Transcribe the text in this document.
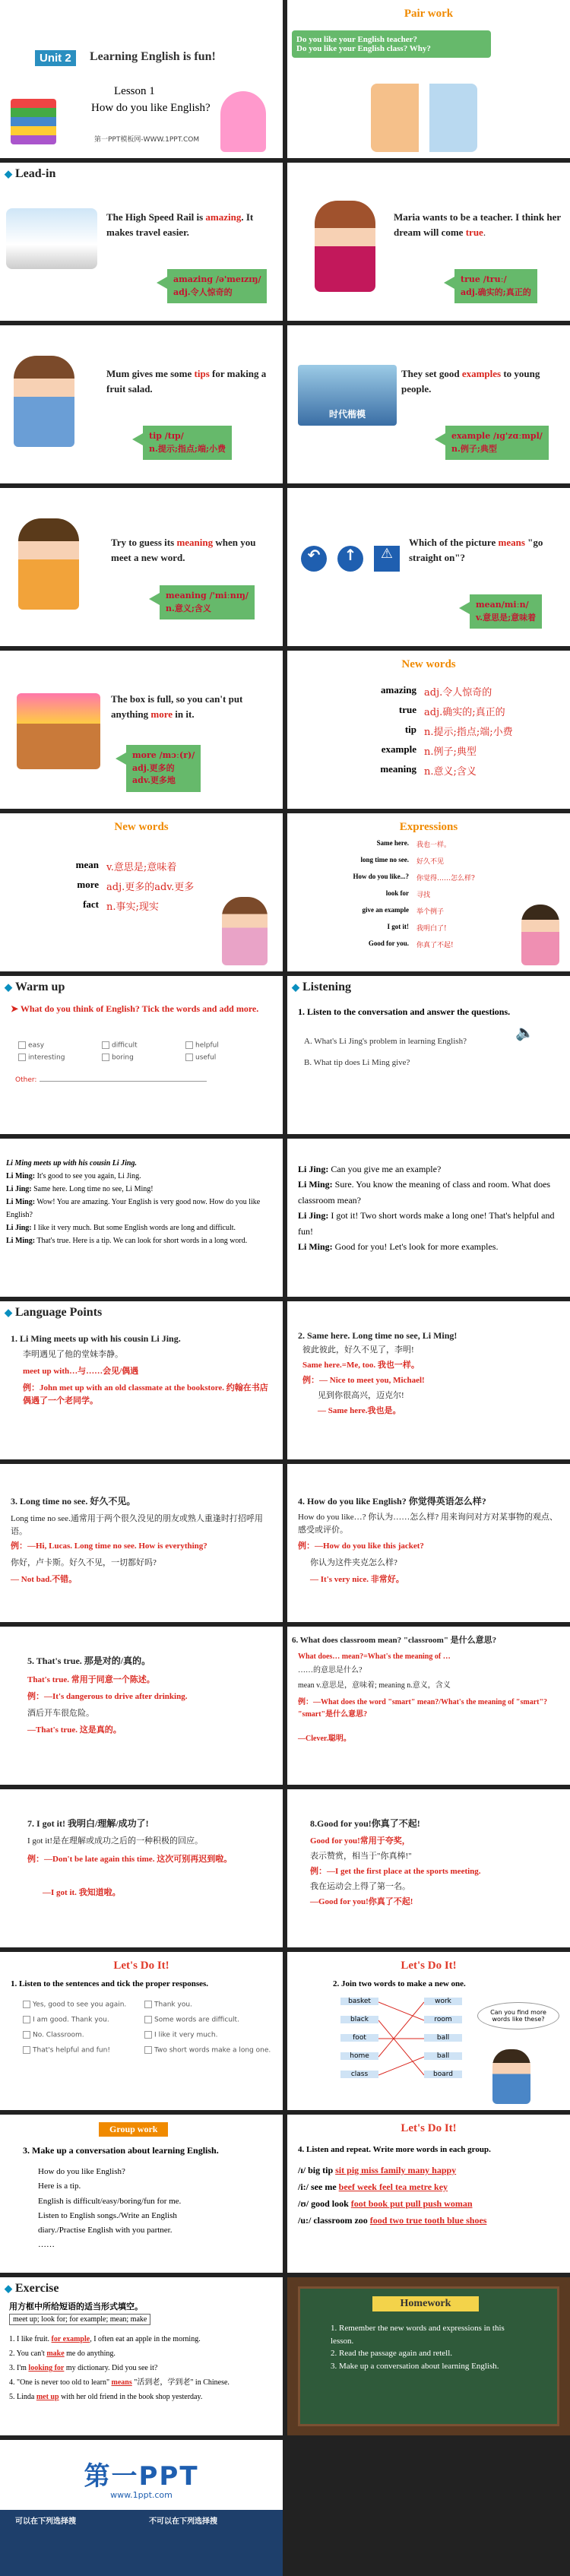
Unit 2	Learning English is fun!
Lesson 1
How do you like English?
第一PPT模板网-WWW.1PPT.COM
Pair work
Do you like your English teacher?
Do you like your English class? Why?
◆ Lead-in
The High Speed Rail is amazing. It makes travel easier.
amazing /ə'meɪzɪŋ/
adj.令人惊奇的
Maria wants to be a teacher. I think her dream will come true.
true /truː/
adj.确实的;真正的
Mum gives me some tips for making a fruit salad.
tip /tɪp/
n.提示;指点;端;小费
时代楷模
They set good examples to young people.
example /ɪɡ'zɑːmpl/
n.例子;典型
Try to guess its meaning when you meet a new word.
meaning /'miːnɪŋ/
n.意义;含义
↶	↑	⚠
Which of the picture means "go straight on"?
mean/miːn/
v.意思是;意味着
The box is full, so you can't put anything more in it.
more /mɔː(r)/
adj.更多的
adv.更多地
New words
amazing adj.令人惊奇的
true adj.确实的;真正的
tip n.提示;指点;端;小费
example n.例子;典型
meaning n.意义;含义
New words
mean v.意思是;意味着
more adj.更多的adv.更多
fact n.事实;现实
Expressions
Same here. 我也一样。
long time no see. 好久不见
How do you like...? 你觉得……怎么样?
look for 寻找
give an example 举个例子
I got it! 我明白了!
Good for you. 你真了不起!
◆ Warm up
➤ What do you think of English? Tick the words and add more.
easy	difficult	helpful
interesting	boring	useful
Other:
◆ Listening
1. Listen to the conversation and answer the questions.
A. What's Li Jing's problem in learning English?
B. What tip does Li Ming give?
🔈
Li Ming meets up with his cousin Li Jing.
Li Ming: It's good to see you again, Li Jing.
Li Jing: Same here. Long time no see, Li Ming!
Li Ming: Wow! You are amazing. Your English is very good now. How do you like English?
Li Jing: I like it very much. But some English words are long and difficult.
Li Ming: That's true. Here is a tip. We can look for short words in a long word.
Li Jing: Can you give me an example?
Li Ming: Sure. You know the meaning of class and room. What does classroom mean?
Li Jing: I got it! Two short words make a long one! That's helpful and fun!
Li Ming: Good for you! Let's look for more examples.
◆ Language Points
1. Li Ming meets up with his cousin Li Jing.
李明遇见了他的堂妹李静。
meet up with…与……会见/偶遇
例：John met up with an old classmate at the bookstore. 约翰在书店偶遇了一个老同学。
2. Same here. Long time no see, Li Ming!
彼此彼此，好久不见了，李明!
Same here.=Me, too. 我也一样。
例：— Nice to meet you, Michael!
见到你很高兴，迈克尔!
— Same here.我也是。
3. Long time no see. 好久不见。
Long time no see.通常用于两个很久没见的朋友或熟人重逢时打招呼用语。
例：—Hi, Lucas. Long time no see. How is everything?
你好，卢卡斯。好久不见，一切都好吗?
— Not bad.不错。
4. How do you like English? 你觉得英语怎么样?
How do you like…? 你认为……怎么样? 用来询问对方对某事物的观点、感受或评价。
例：—How do you like this jacket?
你认为这件夹克怎么样?
— It's very nice. 非常好。
5. That's true. 那是对的/真的。
That's true. 常用于同意一个陈述。
例：—It's dangerous to drive after drinking.
酒后开车很危险。
—That's true. 这是真的。
6. What does classroom mean? "classroom" 是什么意思?
What does… mean?=What's the meaning of …
……的意思是什么?
mean v.意思是，意味着; meaning n.意义，含义
例：—What does the word "smart" mean?/What's the meaning of "smart"? "smart"是什么意思?
—Clever.聪明。
7. I got it! 我明白/理解/成功了!
I got it!是在理解或成功之后的一种积极的回应。
例：—Don't be late again this time. 这次可别再迟到啦。
—I got it. 我知道啦。
8.Good for you!你真了不起!
Good for you!常用于夸奖，
表示赞赏，相当于"你真棒!"
例：—I get the first place at the sports meeting.
我在运动会上得了第一名。
—Good for you!你真了不起!
Let's Do It!
1. Listen to the sentences and tick the proper responses.
Yes, good to see you again.
I am good. Thank you.
No. Classroom.
That's helpful and fun!
Thank you.
Some words are difficult.
I like it very much.
Two short words make a long one.
Let's Do It!
2. Join two words to make a new one.
basket
black
foot
home
class
work
room
ball
ball
board
Can you find more words like these?
Group work
3. Make up a conversation about learning English.
How do you like English?
Here is a tip.
English is difficult/easy/boring/fun for me.
Listen to English songs./Write an English
diary./Practise English with you partner.
……
Let's Do It!
4. Listen and repeat. Write more words in each group.
/ɪ/ big tip sit pig miss family many happy
/i:/ see me beef week feel tea metre key
/ʊ/ good look foot book put pull push woman
/u:/ classroom zoo food two true tooth blue shoes
◆ Exercise
用方框中所给短语的适当形式填空。
meet up; look for; for example; mean; make
1. I like fruit. for example, I often eat an apple in the morning.
2. You can't make me do anything.
3. I'm looking for my dictionary. Did you see it?
4. "One is never too old to learn" means "活到老，学到老" in Chinese.
5. Linda met up with her old friend in the book shop yesterday.
Homework
1. Remember the new words and expressions in this lesson.
2. Read the passage again and retell.
3. Make up a conversation about learning English.
第一PPT
www.1ppt.com
可以在下列选择搜	不可以在下列选择搜
